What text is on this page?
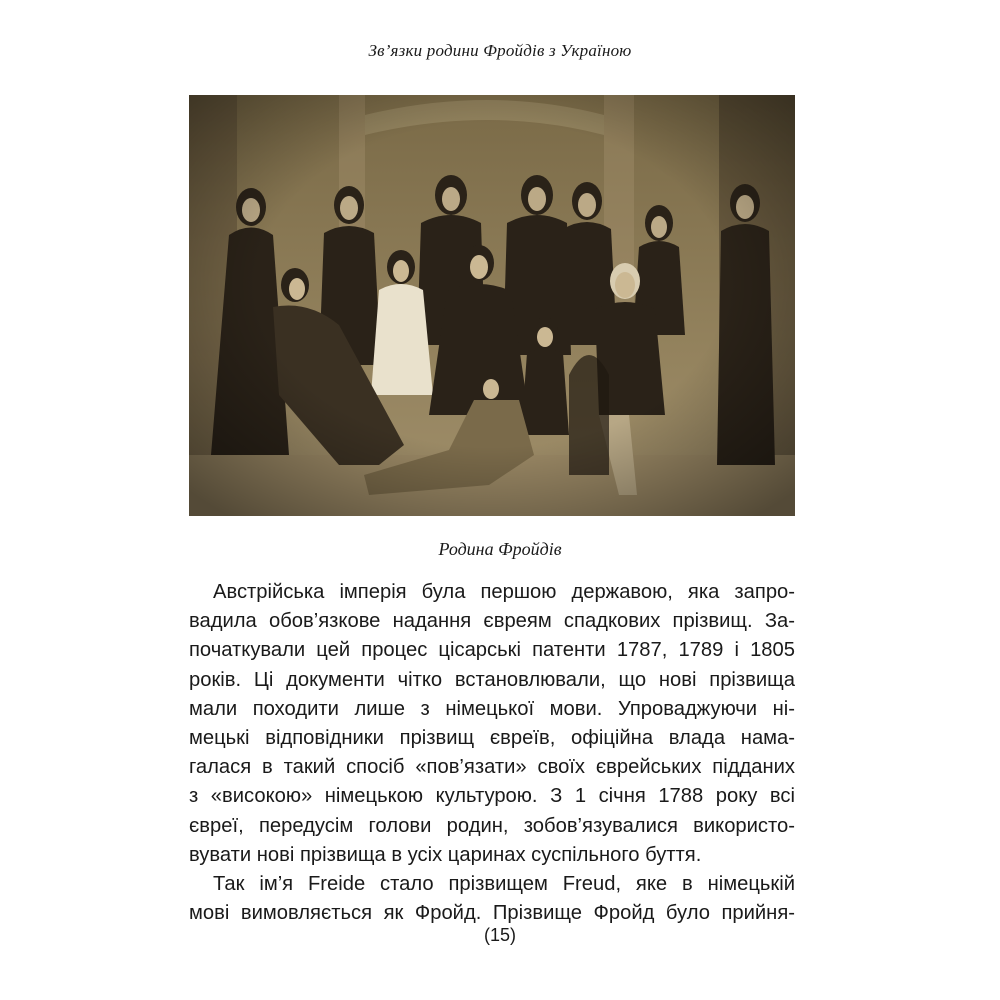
Зв’язки родини Фройдів з Україною
Родина Фройдів

Австрійська імперія була першою державою, яка запро-
вадила обов’язкове надання євреям спадкових прізвищ. За-
початкували цей процес цісарські патенти 1787, 1789 і 1805
років. Ці документи чітко встановлювали, що нові прізвища
мали походити лише з німецької мови. Упроваджуючи ні-
мецькі відповідники прізвищ євреїв, офіційна влада нама-
галася в такий спосіб «пов’язати» своїх єврейських підданих
з «високою» німецькою культурою. З 1 січня 1788 року всі
євреї, передусім голови родин, зобов’язувалися використо-
вувати нові прізвища в усіх царинах суспільного буття.

Так ім’я Freide стало прізвищем Freud, яке в німецькій
мові вимовляється як Фройд. Прізвище Фройд було прийня-

(15)
